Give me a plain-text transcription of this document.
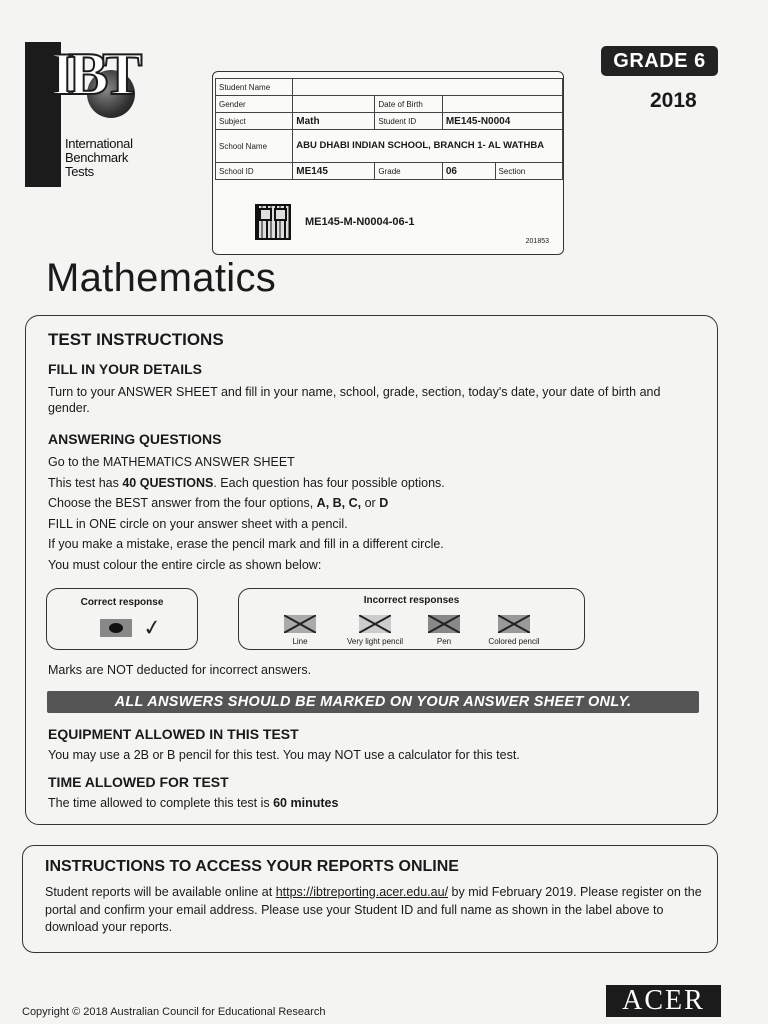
IBT
International
Benchmark
Tests
GRADE 6
2018
Student Name				
Gender		Date of Birth		
Subject	Math	Student ID	ME145-N0004	
School Name	ABU DHABI INDIAN SCHOOL, BRANCH 1- AL WATHBA			
School ID	ME145	Grade	06	Section
ME145-M-N0004-06-1
201853
Mathematics
TEST INSTRUCTIONS
FILL IN YOUR DETAILS
Turn to your ANSWER SHEET and fill in your name, school, grade, section, today's date, your date of birth and gender.
ANSWERING QUESTIONS
Go to the MATHEMATICS ANSWER SHEET
This test has 40 QUESTIONS. Each question has four possible options.
Choose the BEST answer from the four options, A, B, C, or D
FILL in ONE circle on your answer sheet with a pencil.
If you make a mistake, erase the pencil mark and fill in a different circle.
You must colour the entire circle as shown below:
Correct response
✓
Incorrect responses
Line	Very light pencil	Pen	Colored pencil
Marks are NOT deducted for incorrect answers.
ALL ANSWERS SHOULD BE MARKED ON YOUR ANSWER SHEET ONLY.
EQUIPMENT ALLOWED IN THIS TEST
You may use a 2B or B pencil for this test. You may NOT use a calculator for this test.
TIME ALLOWED FOR TEST
The time allowed to complete this test is 60 minutes
INSTRUCTIONS TO ACCESS YOUR REPORTS ONLINE
Student reports will be available online at https://ibtreporting.acer.edu.au/ by mid February 2019. Please register on the portal and confirm your email address. Please use your Student ID and full name as shown in the label above to download your reports.
Copyright © 2018 Australian Council for Educational Research	ACER
